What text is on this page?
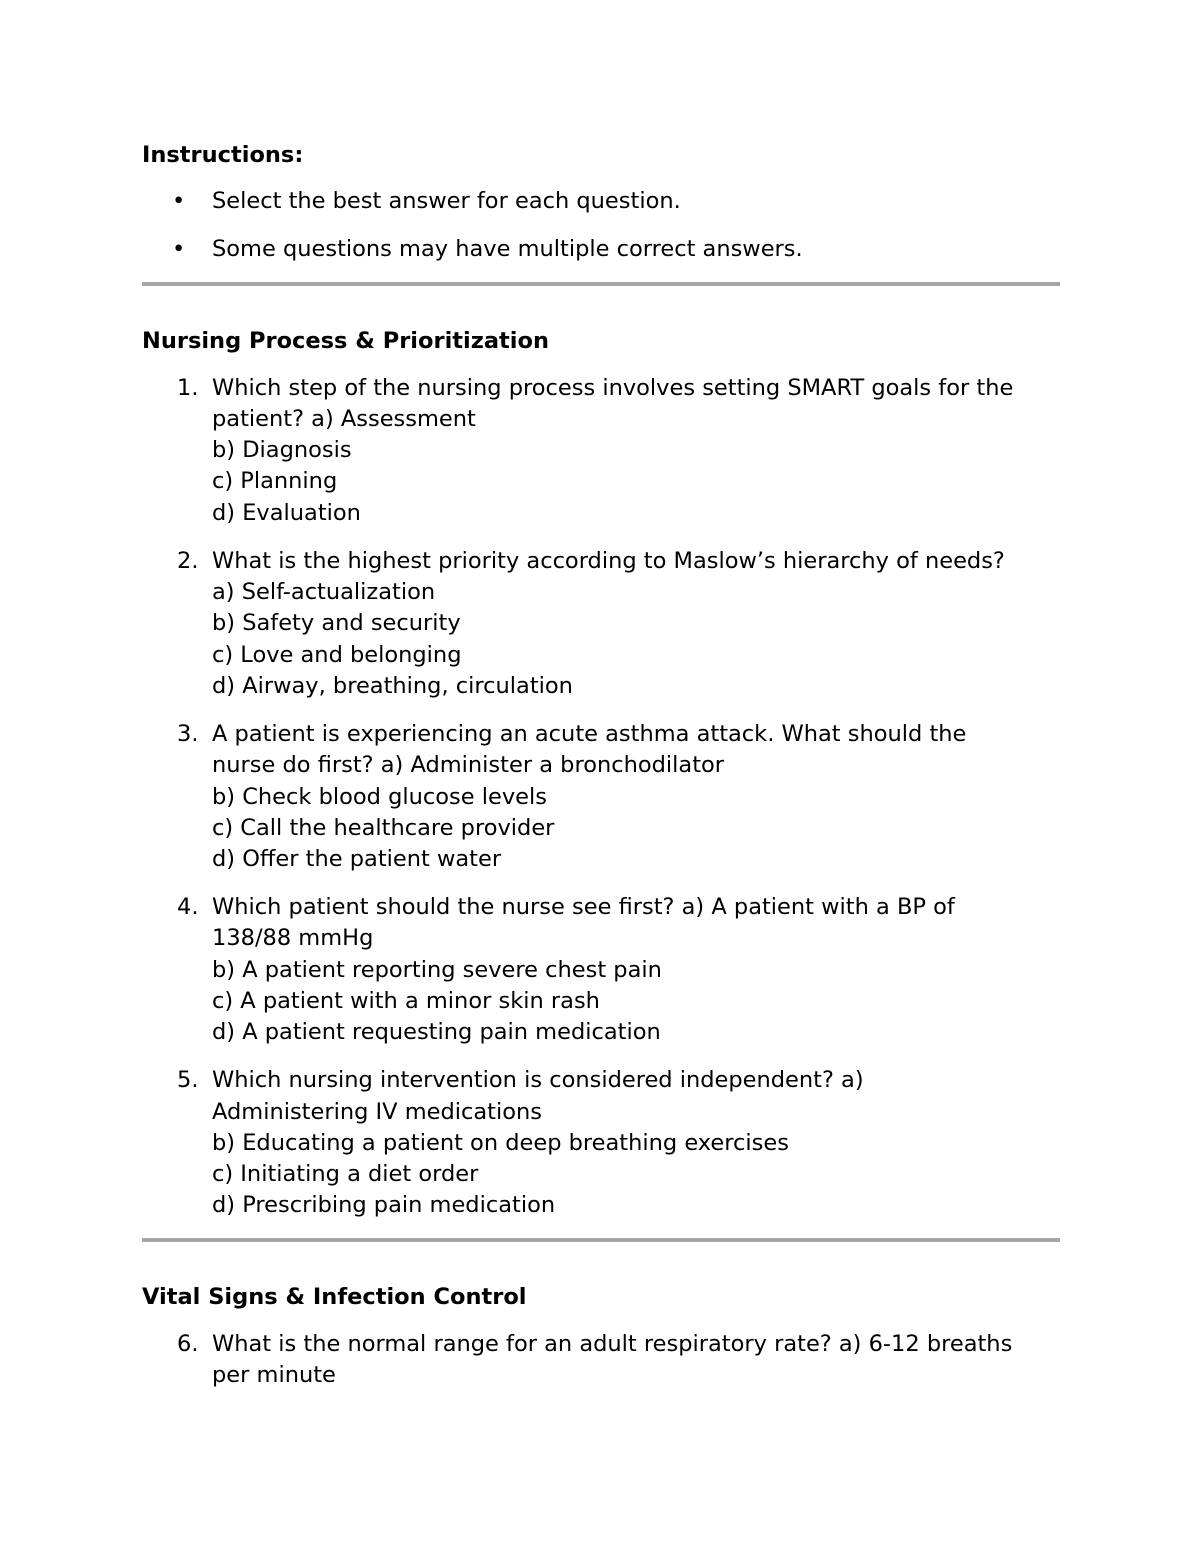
Instructions:

• Select the best answer for each question.
• Some questions may have multiple correct answers.

Nursing Process & Prioritization

1. Which step of the nursing process involves setting SMART goals for the
patient? a) Assessment
b) Diagnosis
c) Planning
d) Evaluation
2. What is the highest priority according to Maslow’s hierarchy of needs?
a) Self-actualization
b) Safety and security
c) Love and belonging
d) Airway, breathing, circulation
3. A patient is experiencing an acute asthma attack. What should the
nurse do first? a) Administer a bronchodilator
b) Check blood glucose levels
c) Call the healthcare provider
d) Offer the patient water
4. Which patient should the nurse see first? a) A patient with a BP of
138/88 mmHg
b) A patient reporting severe chest pain
c) A patient with a minor skin rash
d) A patient requesting pain medication
5. Which nursing intervention is considered independent? a)
Administering IV medications
b) Educating a patient on deep breathing exercises
c) Initiating a diet order
d) Prescribing pain medication

Vital Signs & Infection Control

6. What is the normal range for an adult respiratory rate? a) 6-12 breaths
per minute
